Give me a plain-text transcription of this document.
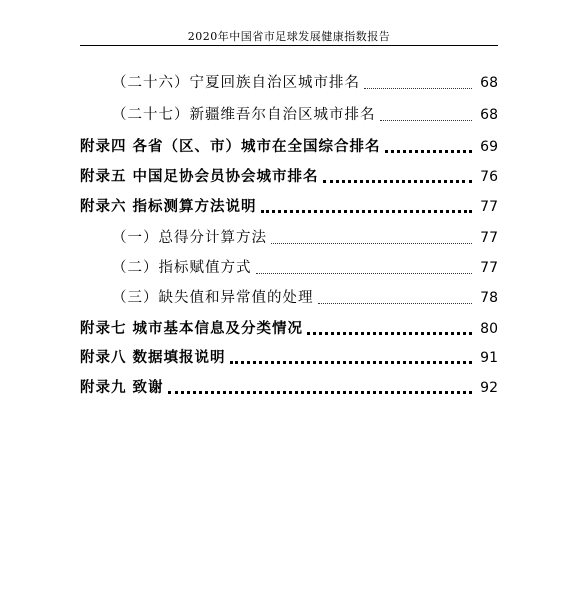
2020年中国省市足球发展健康指数报告
（二十六）宁夏回族自治区城市排名	68
（二十七）新疆维吾尔自治区城市排名	68
附录四 各省（区、市）城市在全国综合排名	69
附录五 中国足协会员协会城市排名	76
附录六 指标测算方法说明	77
（一）总得分计算方法	77
（二）指标赋值方式	77
（三）缺失值和异常值的处理	78
附录七 城市基本信息及分类情况	80
附录八 数据填报说明	91
附录九 致谢	92
